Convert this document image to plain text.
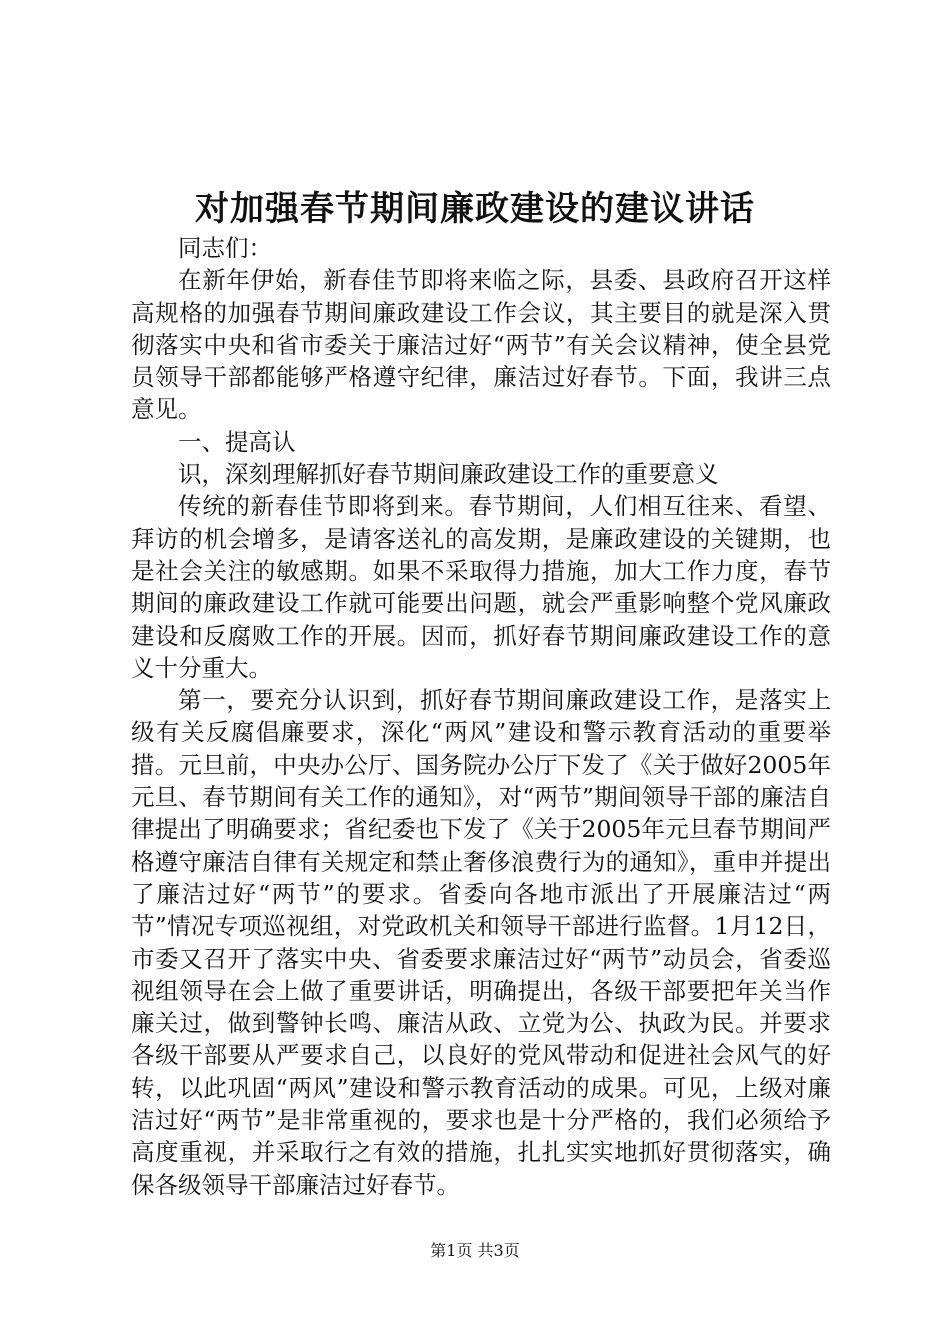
对加强春节期间廉政建设的建议讲话

同志们：

在新年伊始，新春佳节即将来临之际，县委、县政府召开这样高规格的加强春节期间廉政建设工作会议，其主要目的就是深入贯彻落实中央和省市委关于廉洁过好“两节”有关会议精神，使全县党员领导干部都能够严格遵守纪律，廉洁过好春节。下面，我讲三点意见。

一、提高认

识，深刻理解抓好春节期间廉政建设工作的重要意义

传统的新春佳节即将到来。春节期间，人们相互往来、看望、拜访的机会增多，是请客送礼的高发期，是廉政建设的关键期，也是社会关注的敏感期。如果不采取得力措施，加大工作力度，春节期间的廉政建设工作就可能要出问题，就会严重影响整个党风廉政建设和反腐败工作的开展。因而，抓好春节期间廉政建设工作的意义十分重大。

第一，要充分认识到，抓好春节期间廉政建设工作，是落实上级有关反腐倡廉要求，深化“两风”建设和警示教育活动的重要举措。元旦前，中央办公厅、国务院办公厅下发了《关于做好2005年元旦、春节期间有关工作的通知》，对“两节”期间领导干部的廉洁自律提出了明确要求；省纪委也下发了《关于2005年元旦春节期间严格遵守廉洁自律有关规定和禁止奢侈浪费行为的通知》，重申并提出了廉洁过好“两节”的要求。省委向各地市派出了开展廉洁过“两节”情况专项巡视组，对党政机关和领导干部进行监督。1月12日，市委又召开了落实中央、省委要求廉洁过好“两节”动员会，省委巡视组领导在会上做了重要讲话，明确提出，各级干部要把年关当作廉关过，做到警钟长鸣、廉洁从政、立党为公、执政为民。并要求各级干部要从严要求自己，以良好的党风带动和促进社会风气的好转，以此巩固“两风”建设和警示教育活动的成果。可见，上级对廉洁过好“两节”是非常重视的，要求也是十分严格的，我们必须给予高度重视，并采取行之有效的措施，扎扎实实地抓好贯彻落实，确保各级领导干部廉洁过好春节。

第1页 共3页
